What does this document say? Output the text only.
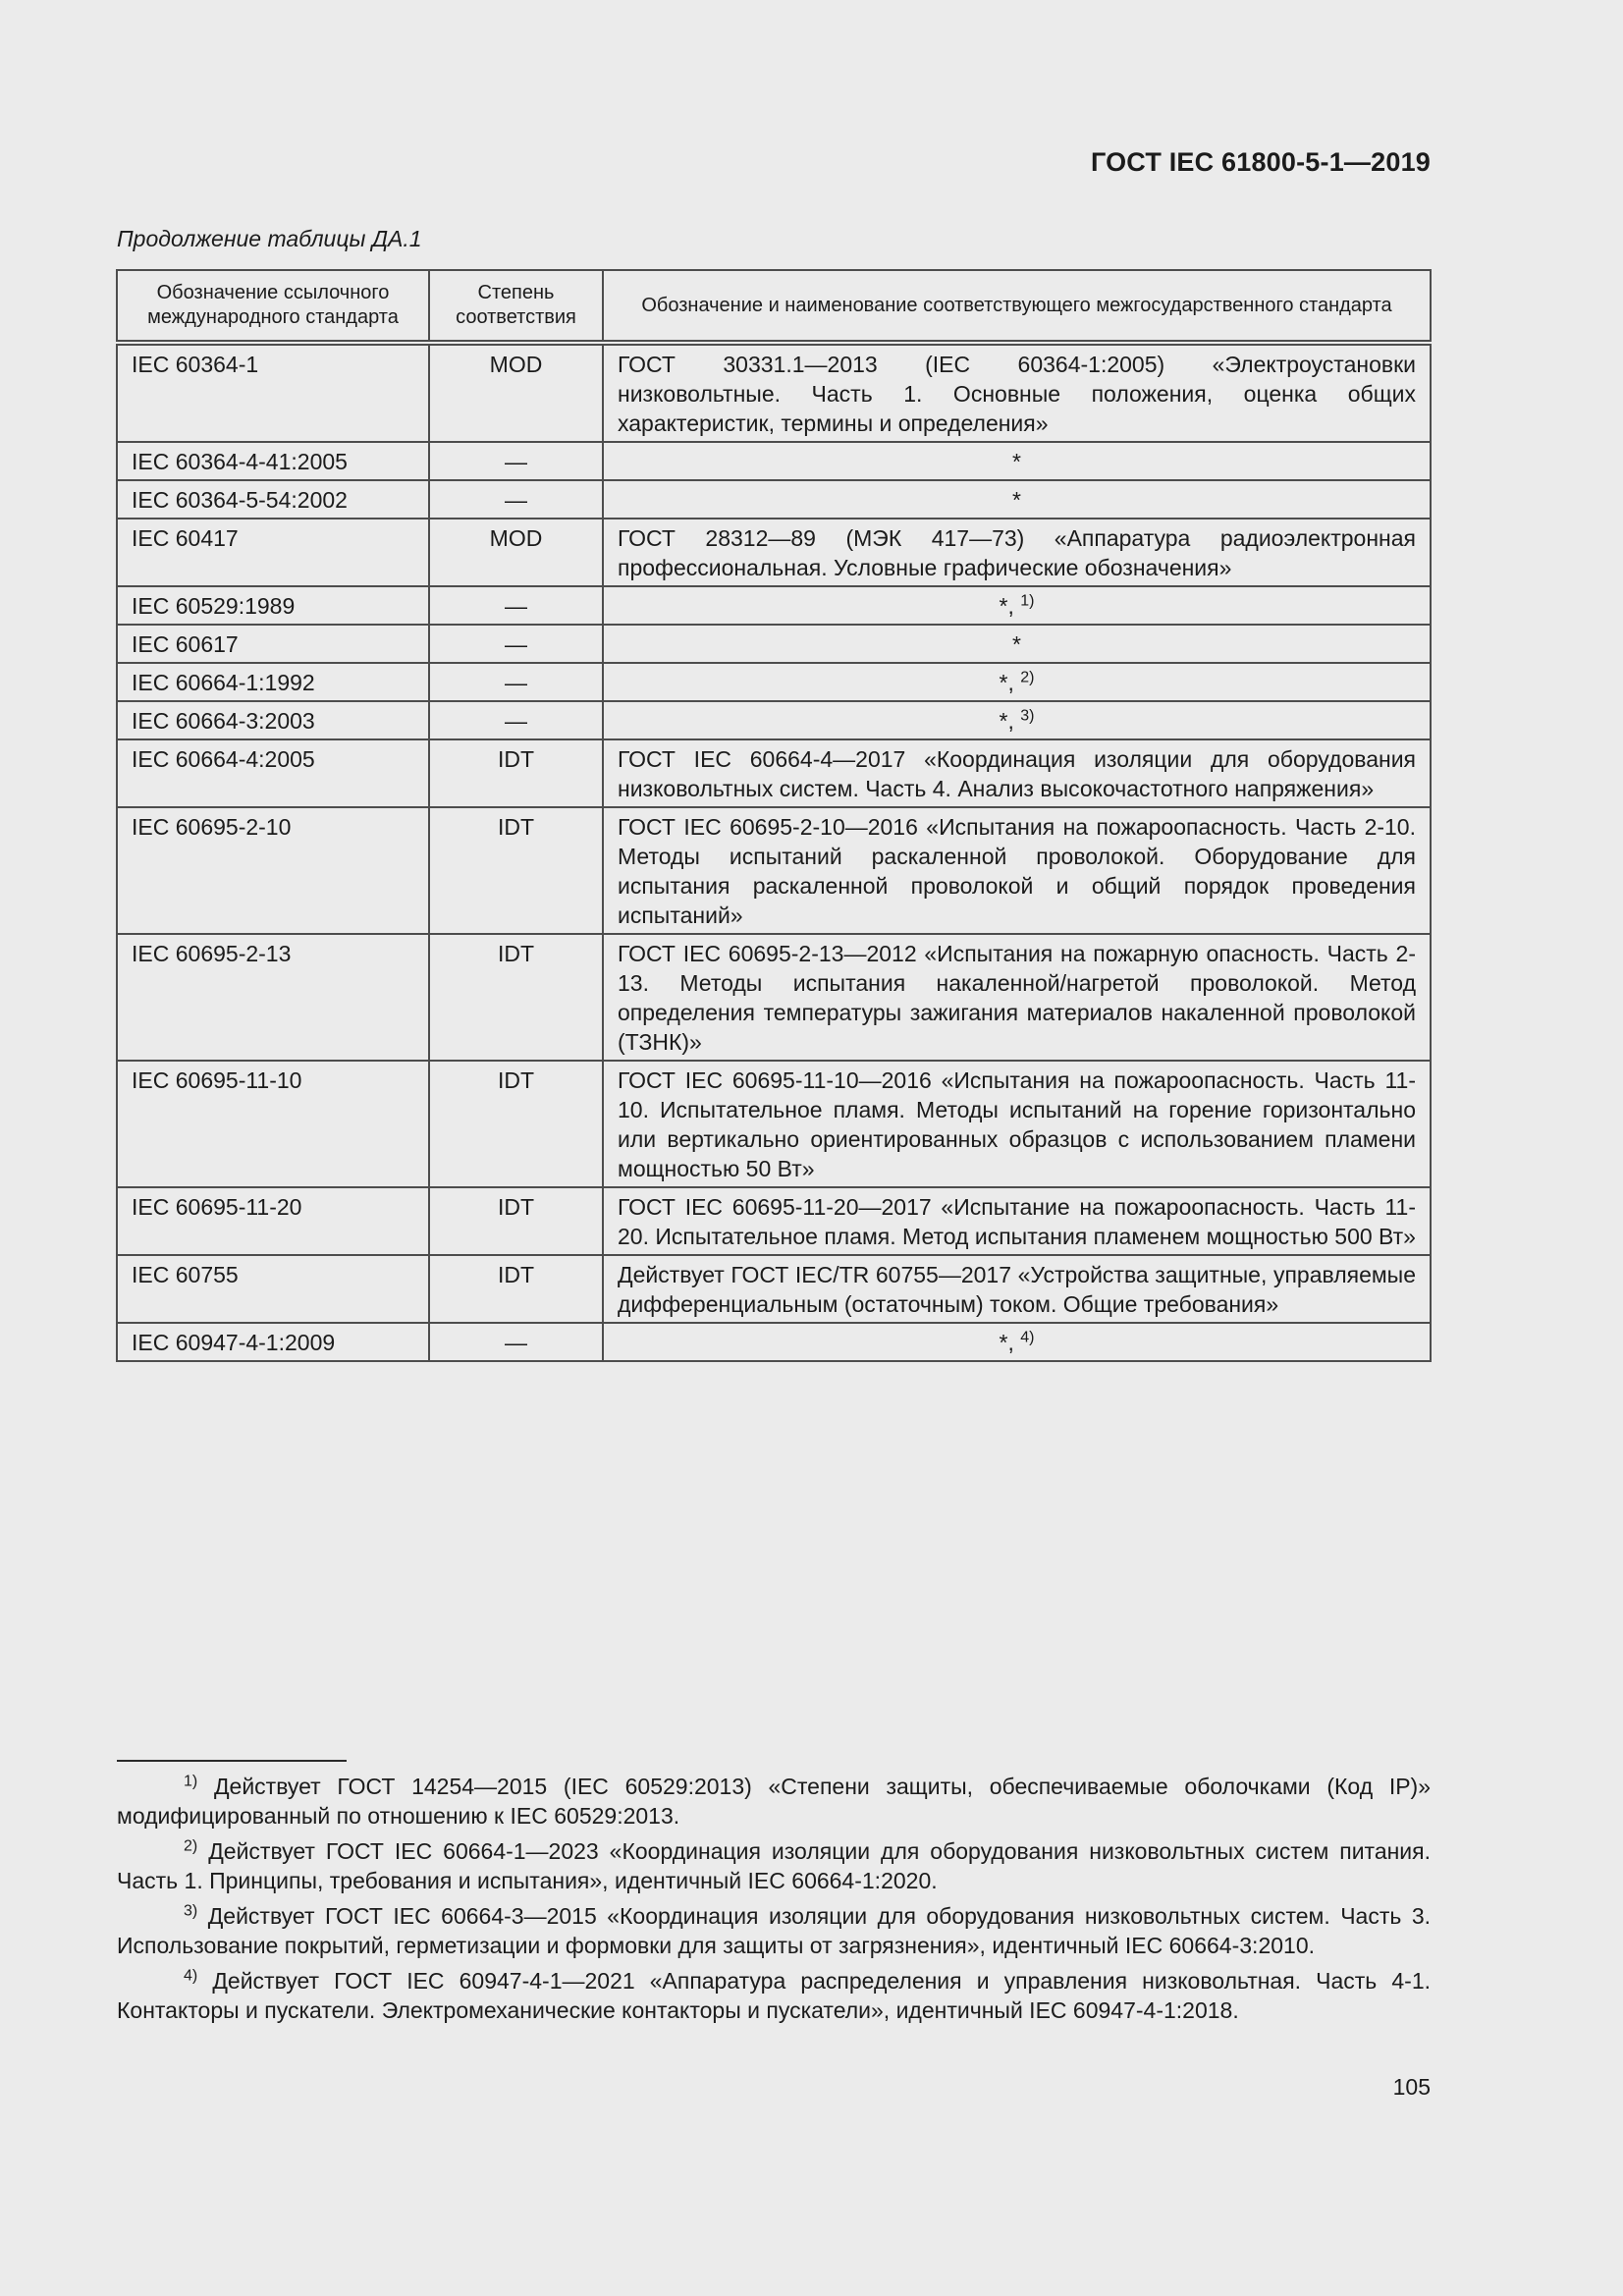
ГОСТ IEC 61800-5-1—2019
Продолжение таблицы ДА.1
Обозначение ссылочного международного стандарта	Степень соответствия	Обозначение и наименование соответствующего межгосударственного стандарта
IEC 60364-1	MOD	ГОСТ 30331.1—2013 (IEC 60364-1:2005) «Электроустановки низковольтные. Часть 1. Основные положения, оценка общих характеристик, термины и определения»
IEC 60364-4-41:2005	—	*
IEC 60364-5-54:2002	—	*
IEC 60417	MOD	ГОСТ 28312—89 (МЭК 417—73) «Аппаратура радиоэлектронная профессиональная. Условные графические обозначения»
IEC 60529:1989	—	*, $^{1)}$
IEC 60617	—	*
IEC 60664-1:1992	—	*, $^{2)}$
IEC 60664-3:2003	—	*, $^{3)}$
IEC 60664-4:2005	IDT	ГОСТ IEC 60664-4—2017 «Координация изоляции для оборудования низковольтных систем. Часть 4. Анализ высокочастотного напряжения»
IEC 60695-2-10	IDT	ГОСТ IEC 60695-2-10—2016 «Испытания на пожароопасность. Часть 2-10. Методы испытаний раскаленной проволокой. Оборудование для испытания раскаленной проволокой и общий порядок проведения испытаний»
IEC 60695-2-13	IDT	ГОСТ IEC 60695-2-13—2012 «Испытания на пожарную опасность. Часть 2-13. Методы испытания накаленной/нагретой проволокой. Метод определения температуры зажигания материалов накаленной проволокой (ТЗНК)»
IEC 60695-11-10	IDT	ГОСТ IEC 60695-11-10—2016 «Испытания на пожароопасность. Часть 11-10. Испытательное пламя. Методы испытаний на горение горизонтально или вертикально ориентированных образцов с использованием пламени мощностью 50 Вт»
IEC 60695-11-20	IDT	ГОСТ IEC 60695-11-20—2017 «Испытание на пожароопасность. Часть 11-20. Испытательное пламя. Метод испытания пламенем мощностью 500 Вт»
IEC 60755	IDT	Действует ГОСТ IEC/TR 60755—2017 «Устройства защитные, управляемые дифференциальным (остаточным) током. Общие требования»
IEC 60947-4-1:2009	—	*, $^{4)}$

$^{1)}$ Действует ГОСТ 14254—2015 (IEC 60529:2013) «Степени защиты, обеспечиваемые оболочками (Код IP)» модифицированный по отношению к IEC 60529:2013.

$^{2)}$ Действует ГОСТ IEC 60664-1—2023 «Координация изоляции для оборудования низковольтных систем питания. Часть 1. Принципы, требования и испытания», идентичный IEC 60664-1:2020.

$^{3)}$ Действует ГОСТ IEC 60664-3—2015 «Координация изоляции для оборудования низковольтных систем. Часть 3. Использование покрытий, герметизации и формовки для защиты от загрязнения», идентичный IEC 60664-3:2010.

$^{4)}$ Действует ГОСТ IEC 60947-4-1—2021 «Аппаратура распределения и управления низковольтная. Часть 4-1. Контакторы и пускатели. Электромеханические контакторы и пускатели», идентичный IEC 60947-4-1:2018.

105
